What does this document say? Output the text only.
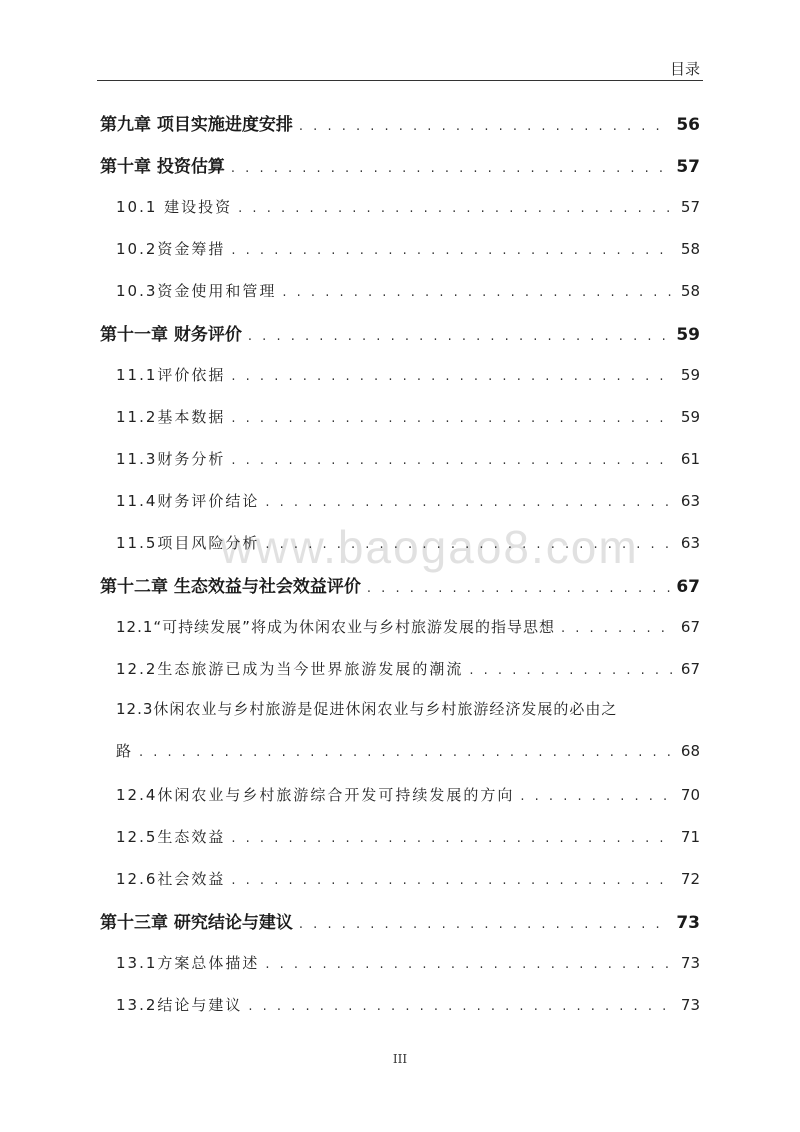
目录
www.baogao8.com
第九章 项目实施进度安排 . . .	56
第十章 投资估算 . . .	57
10.1 建设投资 . . .	57
10.2资金筹措 . . .	58
10.3资金使用和管理 . . .	58
第十一章 财务评价 . . .	59
11.1评价依据 . . .	59
11.2基本数据 . . .	59
11.3财务分析 . . .	61
11.4财务评价结论 . . .	63
11.5项目风险分析 . . .	63
第十二章 生态效益与社会效益评价 . . .	67
12.1“可持续发展”将成为休闲农业与乡村旅游发展的指导思想 . . .	67
12.2生态旅游已成为当今世界旅游发展的潮流 . . .	67
12.3休闲农业与乡村旅游是促进休闲农业与乡村旅游经济发展的必由之
路 . . .	68
12.4休闲农业与乡村旅游综合开发可持续发展的方向 . . .	70
12.5生态效益 . . .	71
12.6社会效益 . . .	72
第十三章 研究结论与建议 . . .	73
13.1方案总体描述 . . .	73
13.2结论与建议 . . .	73
III
